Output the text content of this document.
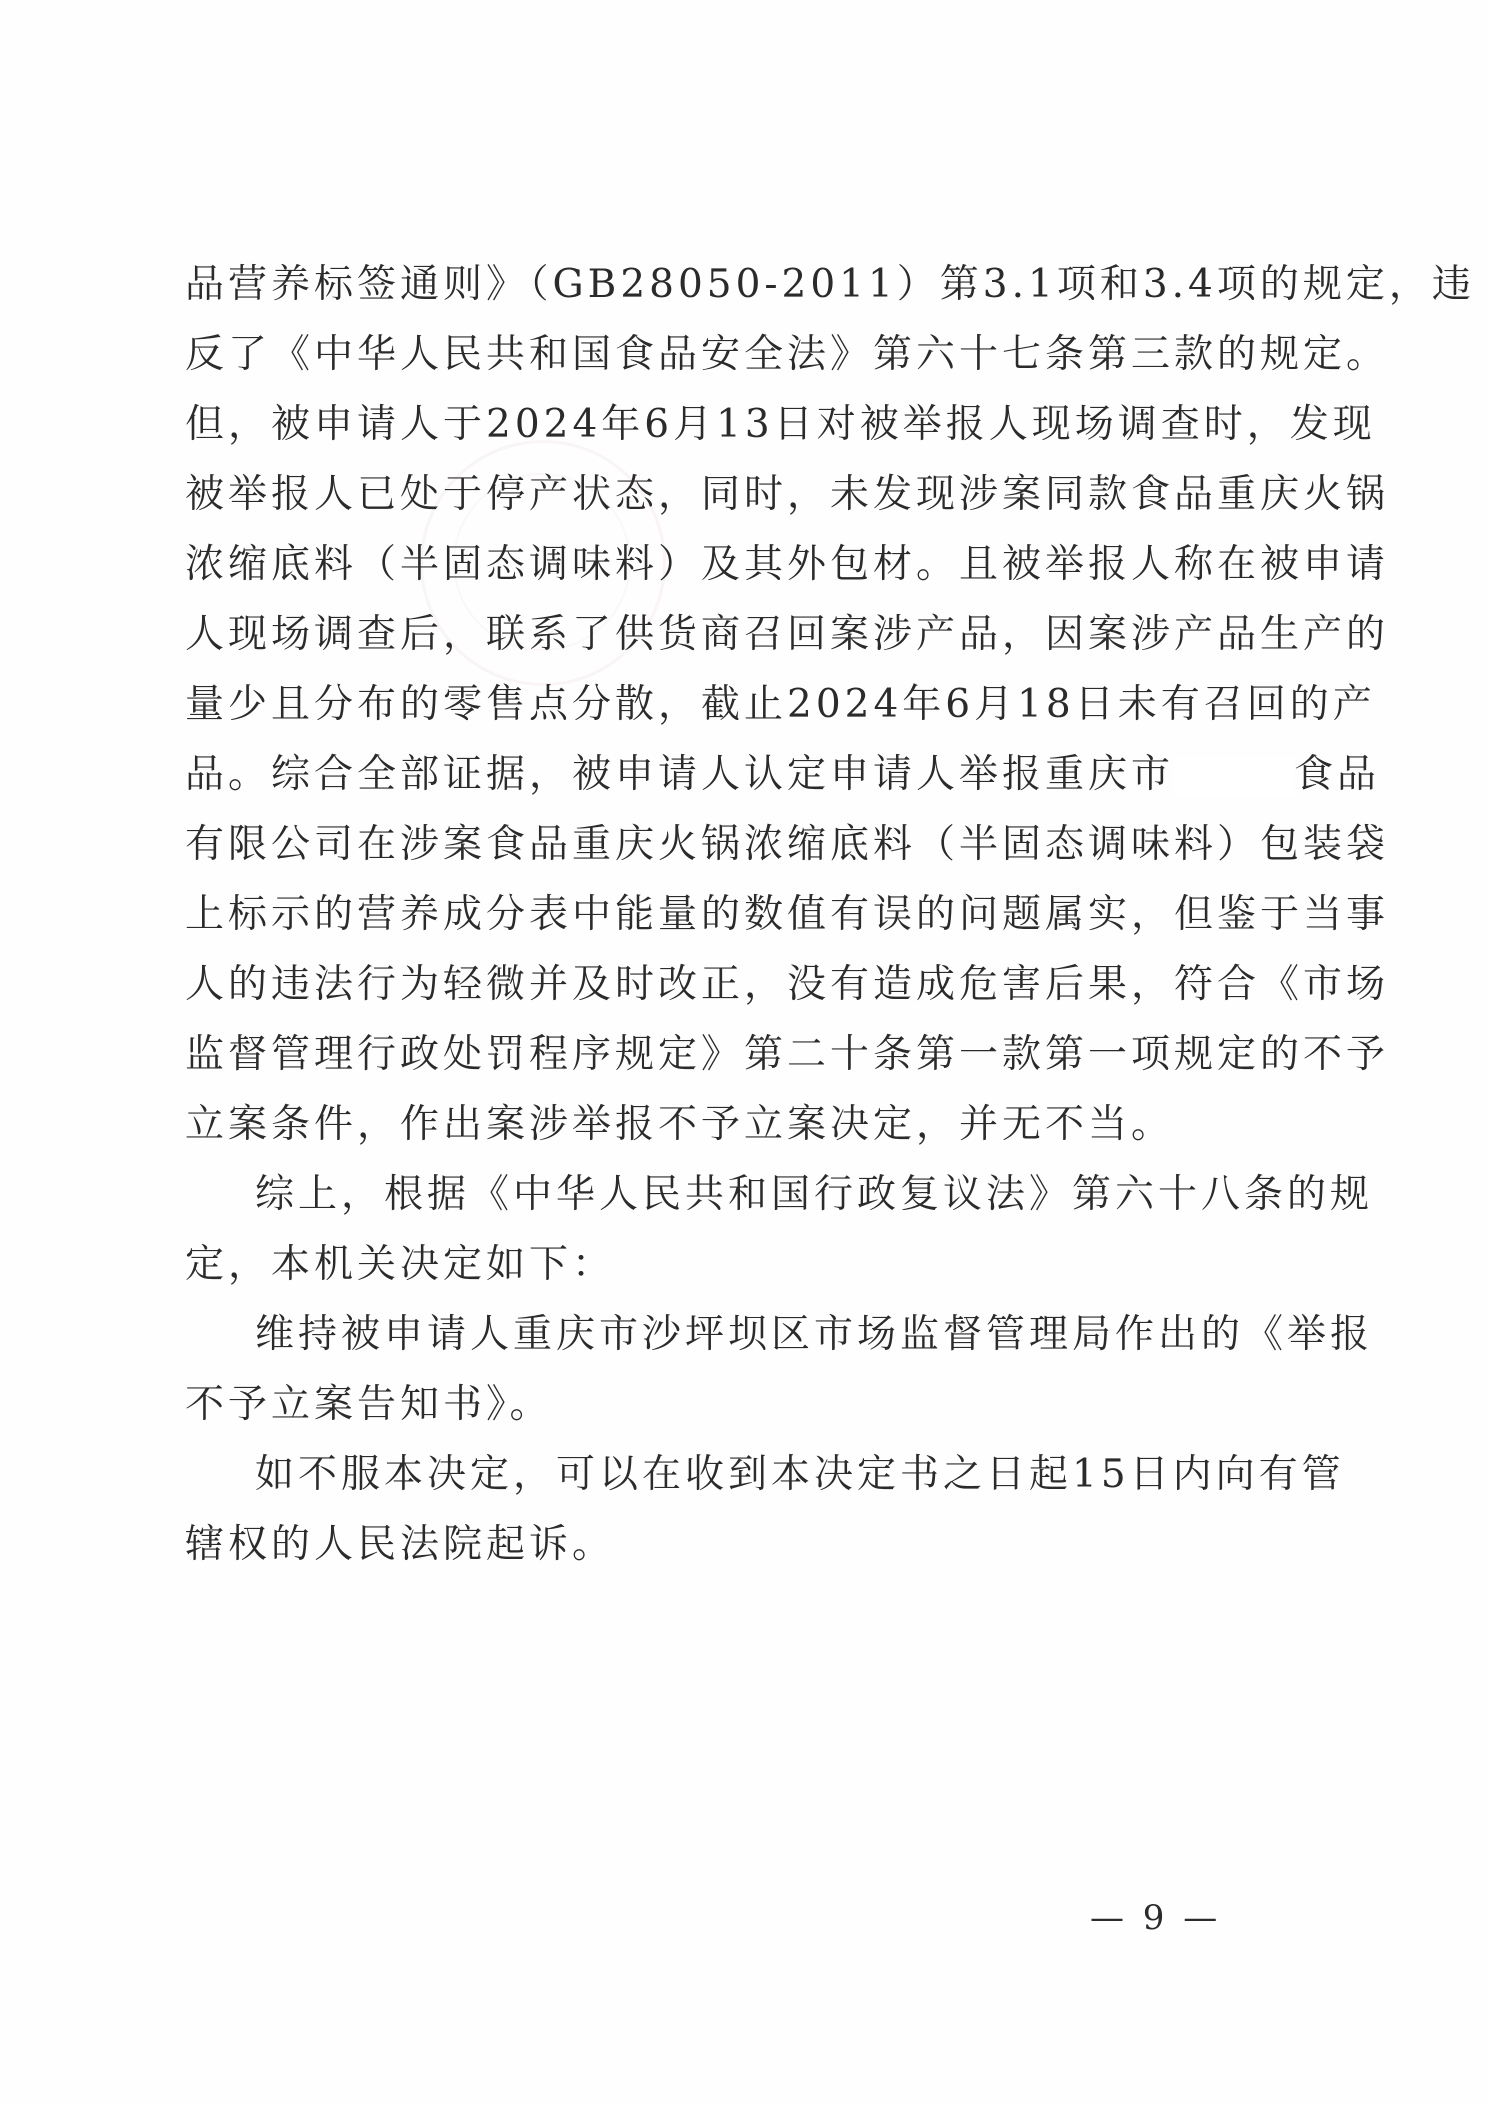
品营养标签通则》（GB28050-2011）第3.1项和3.4项的规定，违
反了《中华人民共和国食品安全法》第六十七条第三款的规定。
但，被申请人于2024年6月13日对被举报人现场调查时，发现
被举报人已处于停产状态，同时，未发现涉案同款食品重庆火锅
浓缩底料（半固态调味料）及其外包材。且被举报人称在被申请
人现场调查后，联系了供货商召回案涉产品，因案涉产品生产的
量少且分布的零售点分散，截止2024年6月18日未有召回的产
品。综合全部证据，被申请人认定申请人举报重庆市	食品
有限公司在涉案食品重庆火锅浓缩底料（半固态调味料）包装袋
上标示的营养成分表中能量的数值有误的问题属实，但鉴于当事
人的违法行为轻微并及时改正，没有造成危害后果，符合《市场
监督管理行政处罚程序规定》第二十条第一款第一项规定的不予
立案条件，作出案涉举报不予立案决定，并无不当。
综上，根据《中华人民共和国行政复议法》第六十八条的规
定，本机关决定如下：
维持被申请人重庆市沙坪坝区市场监督管理局作出的《举报
不予立案告知书》。
如不服本决定，可以在收到本决定书之日起15日内向有管
辖权的人民法院起诉。
— 9 —
